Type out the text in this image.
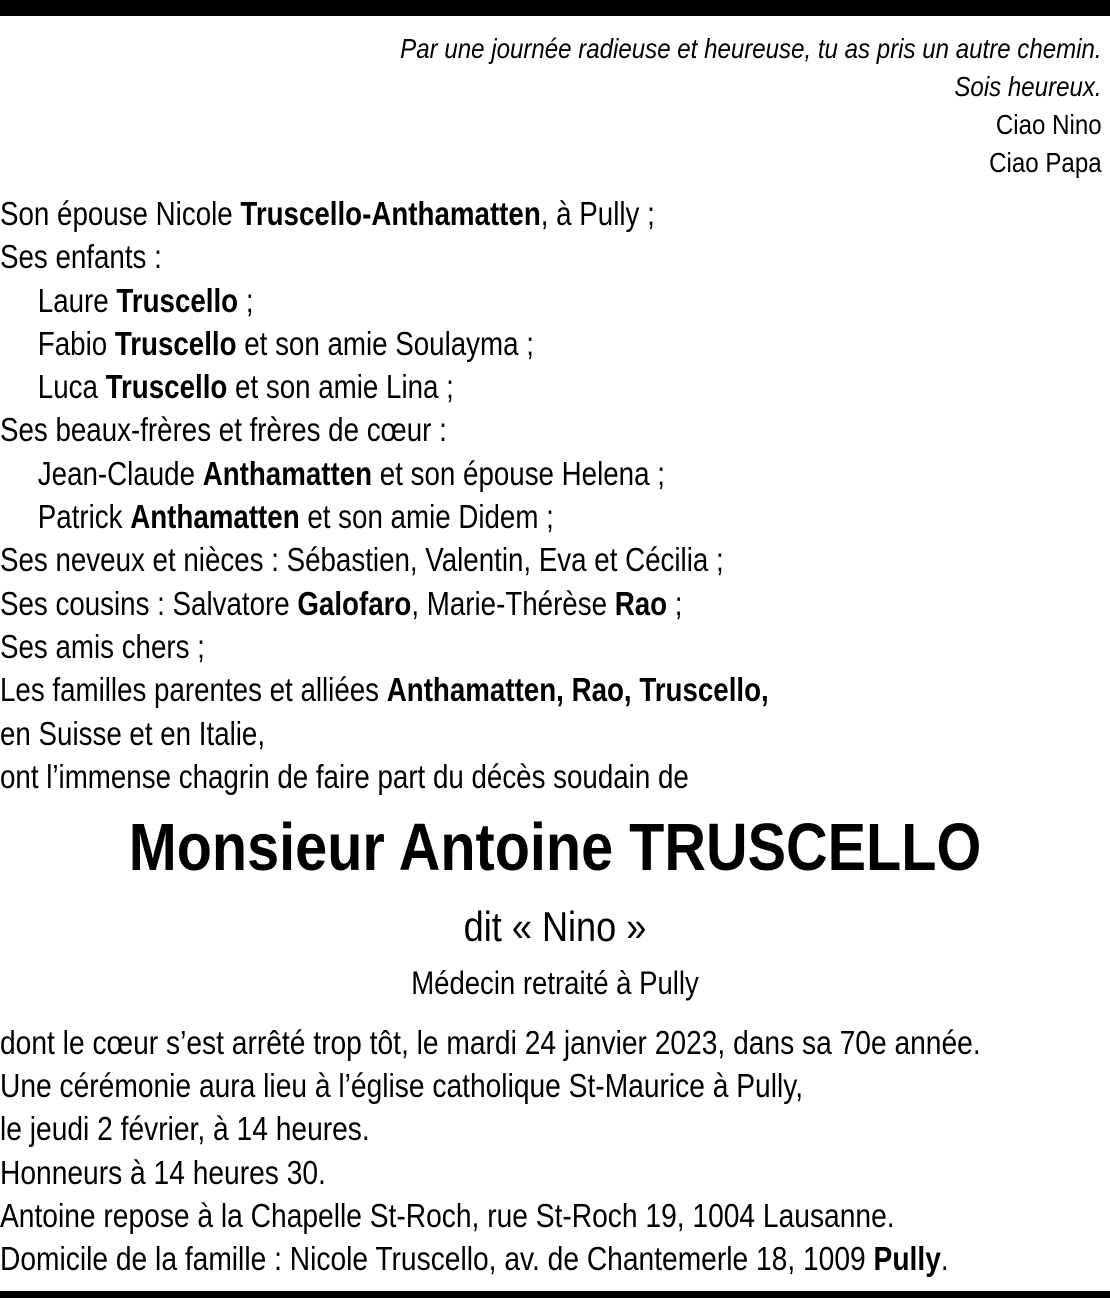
Par une journée radieuse et heureuse, tu as pris un autre chemin.
Sois heureux.
Ciao Nino
Ciao Papa
Son épouse Nicole Truscello-Anthamatten, à Pully ;
Ses enfants :
Laure Truscello ;
Fabio Truscello et son amie Soulayma ;
Luca Truscello et son amie Lina ;
Ses beaux-frères et frères de cœur :
Jean-Claude Anthamatten et son épouse Helena ;
Patrick Anthamatten et son amie Didem ;
Ses neveux et nièces : Sébastien, Valentin, Eva et Cécilia ;
Ses cousins : Salvatore Galofaro, Marie-Thérèse Rao ;
Ses amis chers ;
Les familles parentes et alliées Anthamatten, Rao, Truscello,
en Suisse et en Italie,
ont l’immense chagrin de faire part du décès soudain de
Monsieur Antoine TRUSCELLO
dit « Nino »
Médecin retraité à Pully
dont le cœur s’est arrêté trop tôt, le mardi 24 janvier 2023, dans sa 70e année.
Une cérémonie aura lieu à l’église catholique St-Maurice à Pully,
le jeudi 2 février, à 14 heures.
Honneurs à 14 heures 30.
Antoine repose à la Chapelle St-Roch, rue St-Roch 19, 1004 Lausanne.
Domicile de la famille : Nicole Truscello, av. de Chantemerle 18, 1009 Pully.
